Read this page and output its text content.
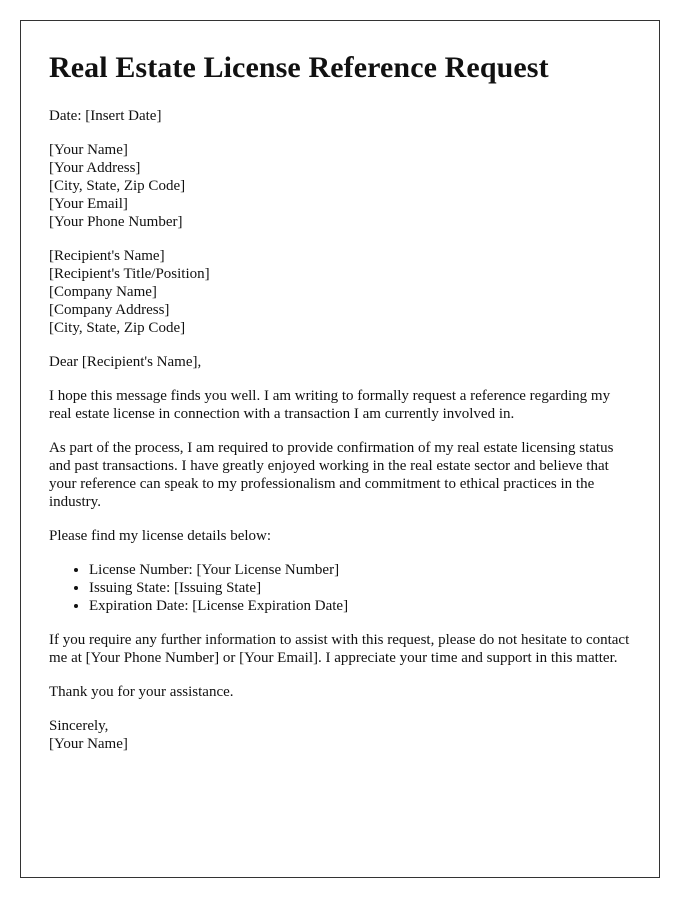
Real Estate License Reference Request

Date: [Insert Date]

[Your Name]
[Your Address]
[City, State, Zip Code]
[Your Email]
[Your Phone Number]

[Recipient's Name]
[Recipient's Title/Position]
[Company Name]
[Company Address]
[City, State, Zip Code]

Dear [Recipient's Name],

I hope this message finds you well. I am writing to formally request a reference regarding my real estate license in connection with a transaction I am currently involved in.

As part of the process, I am required to provide confirmation of my real estate licensing status and past transactions. I have greatly enjoyed working in the real estate sector and believe that your reference can speak to my professionalism and commitment to ethical practices in the industry.

Please find my license details below:

• License Number: [Your License Number]
• Issuing State: [Issuing State]
• Expiration Date: [License Expiration Date]

If you require any further information to assist with this request, please do not hesitate to contact me at [Your Phone Number] or [Your Email]. I appreciate your time and support in this matter.

Thank you for your assistance.

Sincerely,
[Your Name]
